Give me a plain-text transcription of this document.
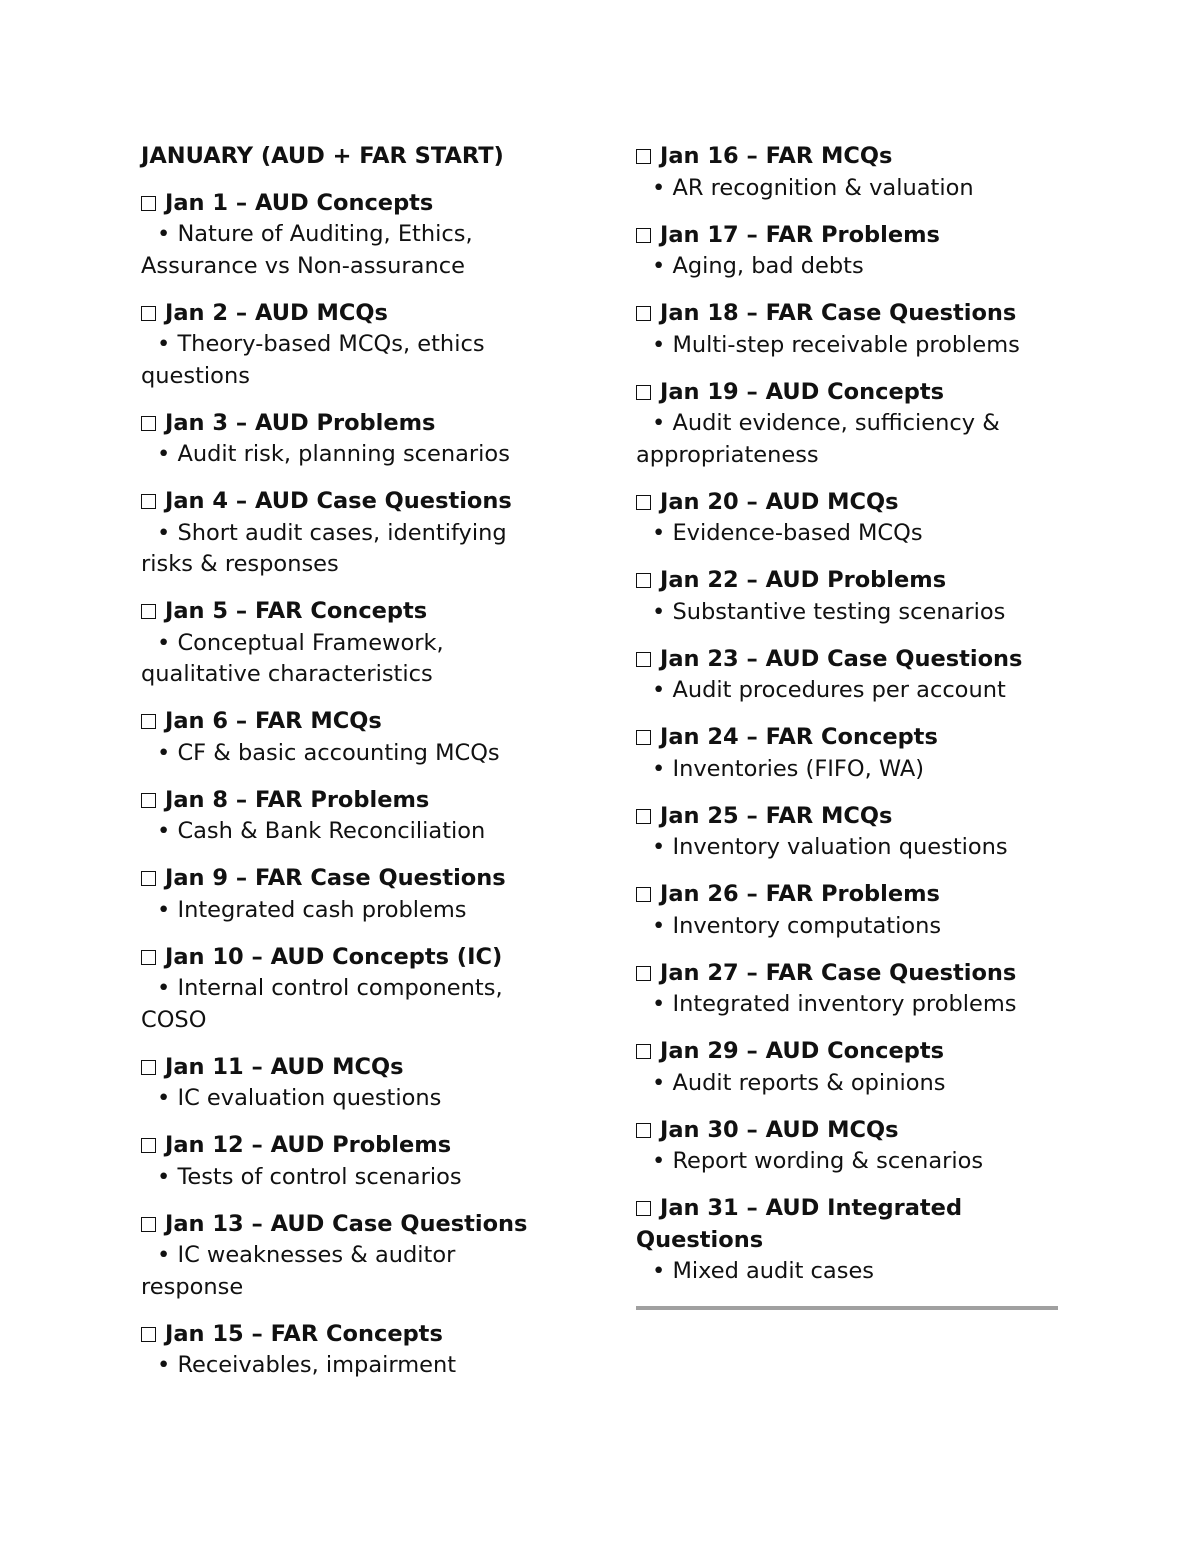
JANUARY (AUD + FAR START)
Jan 1 – AUD Concepts
• Nature of Auditing, Ethics,
Assurance vs Non-assurance
Jan 2 – AUD MCQs
• Theory-based MCQs, ethics
questions
Jan 3 – AUD Problems
• Audit risk, planning scenarios
Jan 4 – AUD Case Questions
• Short audit cases, identifying
risks & responses
Jan 5 – FAR Concepts
• Conceptual Framework,
qualitative characteristics
Jan 6 – FAR MCQs
• CF & basic accounting MCQs
Jan 8 – FAR Problems
• Cash & Bank Reconciliation
Jan 9 – FAR Case Questions
• Integrated cash problems
Jan 10 – AUD Concepts (IC)
• Internal control components,
COSO
Jan 11 – AUD MCQs
• IC evaluation questions
Jan 12 – AUD Problems
• Tests of control scenarios
Jan 13 – AUD Case Questions
• IC weaknesses & auditor
response
Jan 15 – FAR Concepts
• Receivables, impairment
Jan 16 – FAR MCQs
• AR recognition & valuation
Jan 17 – FAR Problems
• Aging, bad debts
Jan 18 – FAR Case Questions
• Multi-step receivable problems
Jan 19 – AUD Concepts
• Audit evidence, sufficiency &
appropriateness
Jan 20 – AUD MCQs
• Evidence-based MCQs
Jan 22 – AUD Problems
• Substantive testing scenarios
Jan 23 – AUD Case Questions
• Audit procedures per account
Jan 24 – FAR Concepts
• Inventories (FIFO, WA)
Jan 25 – FAR MCQs
• Inventory valuation questions
Jan 26 – FAR Problems
• Inventory computations
Jan 27 – FAR Case Questions
• Integrated inventory problems
Jan 29 – AUD Concepts
• Audit reports & opinions
Jan 30 – AUD MCQs
• Report wording & scenarios
Jan 31 – AUD Integrated Questions
• Mixed audit cases
